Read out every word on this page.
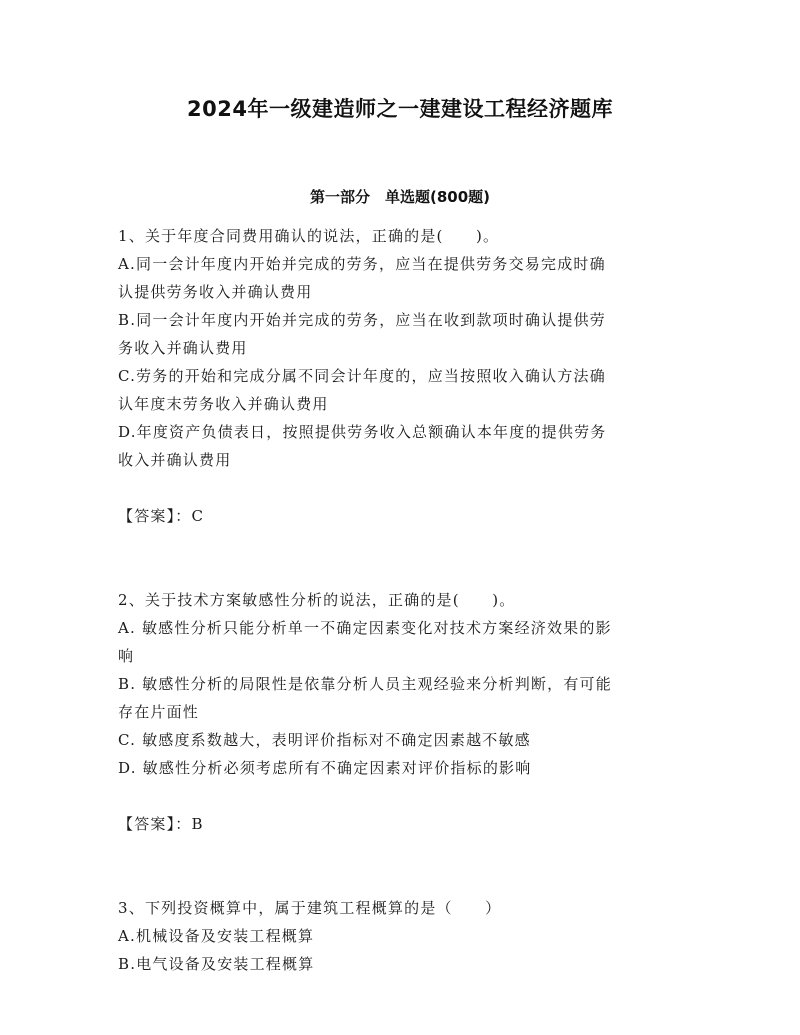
2024年一级建造师之一建建设工程经济题库
第一部分　单选题(800题)

1、关于年度合同费用确认的说法，正确的是(　　)。

A.同一会计年度内开始并完成的劳务，应当在提供劳务交易完成时确

认提供劳务收入并确认费用

B.同一会计年度内开始并完成的劳务，应当在收到款项时确认提供劳

务收入并确认费用

C.劳务的开始和完成分属不同会计年度的，应当按照收入确认方法确

认年度末劳务收入并确认费用

D.年度资产负债表日，按照提供劳务收入总额确认本年度的提供劳务

收入并确认费用

【答案】：C

2、关于技术方案敏感性分析的说法，正确的是(　　)。

A. 敏感性分析只能分析单一不确定因素变化对技术方案经济效果的影

响

B. 敏感性分析的局限性是依靠分析人员主观经验来分析判断，有可能

存在片面性

C. 敏感度系数越大，表明评价指标对不确定因素越不敏感

D. 敏感性分析必须考虑所有不确定因素对评价指标的影响

【答案】：B

3、下列投资概算中，属于建筑工程概算的是（　　）

A.机械设备及安装工程概算

B.电气设备及安装工程概算
